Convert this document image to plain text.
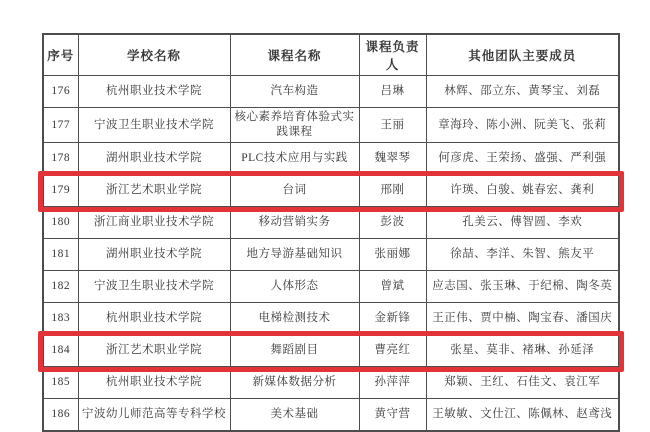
序号	学校名称	课程名称	课程负责人	其他团队主要成员
176	杭州职业技术学院	汽车构造	吕琳	林辉、邵立东、黄琴宝、刘磊
177	宁波卫生职业技术学院	核心素养培育体验式实践课程	王丽	章海玲、陈小洲、阮美飞、张莉
178	湖州职业技术学院	PLC技术应用与实践	魏翠琴	何彦虎、王荣扬、盛强、严利强
179	浙江艺术职业学院	台词	邢刚	许瑛、白骏、姚春宏、龚利
180	浙江商业职业技术学院	移动营销实务	彭波	孔美云、傅智圆、李欢
181	湖州职业技术学院	地方导游基础知识	张丽娜	徐喆、李洋、朱智、熊友平
182	宁波卫生职业技术学院	人体形态	曾斌	应志国、张玉琳、于纪棉、陶冬英
183	杭州职业技术学院	电梯检测技术	金新锋	王正伟、贾中楠、陶宝春、潘国庆
184	浙江艺术职业学院	舞蹈剧目	曹亮红	张星、莫非、褚琳、孙延泽
185	杭州职业技术学院	新媒体数据分析	孙萍萍	郑颖、王红、石佳文、袁江军
186	宁波幼儿师范高等专科学校	美术基础	黄守营	王敏敏、文仕江、陈佩林、赵鸢浅
